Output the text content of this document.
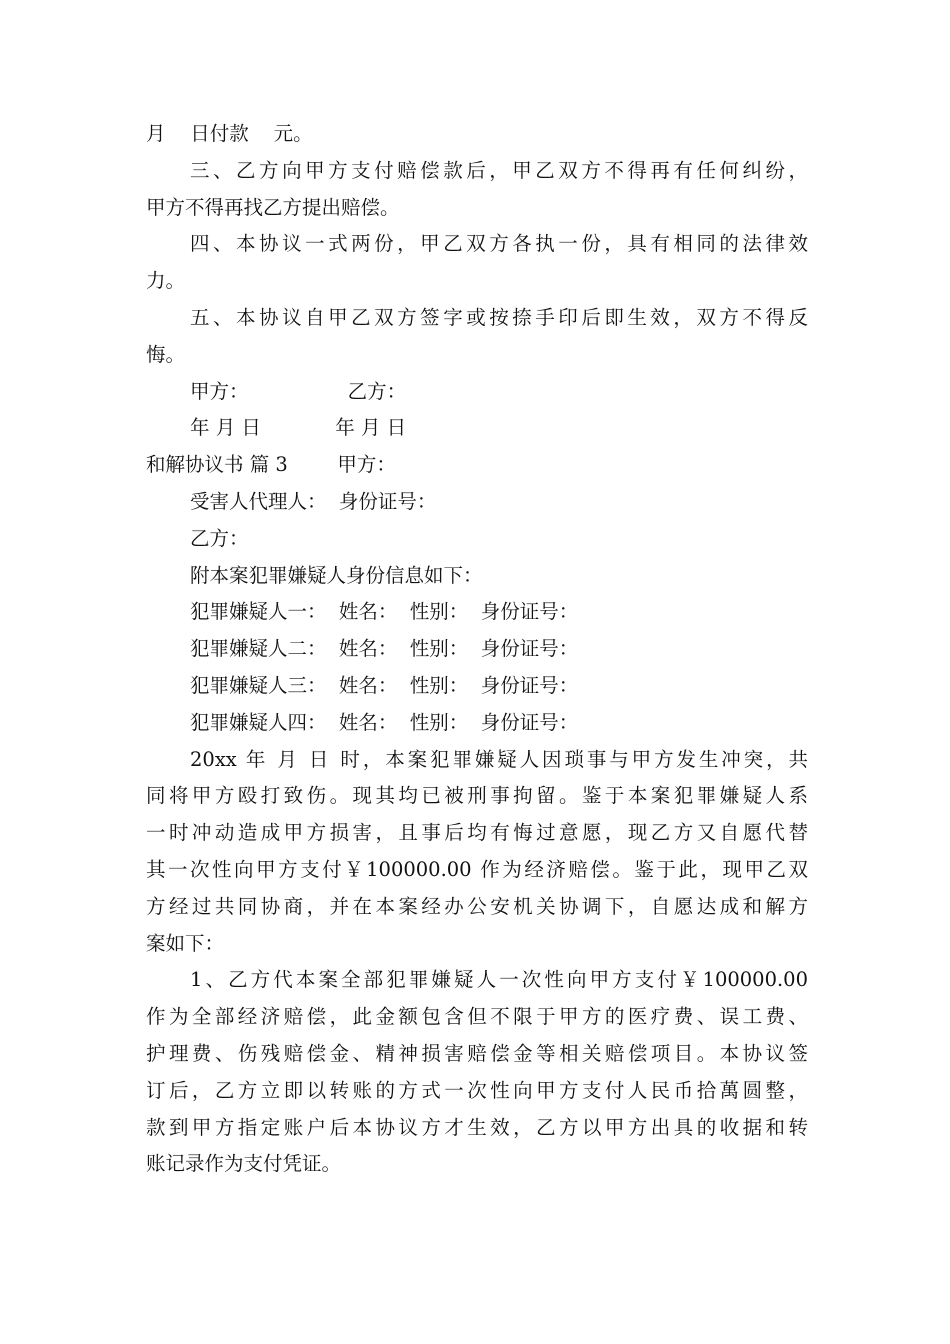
月    日付款    元。
三、乙方向甲方支付赔偿款后，甲乙双方不得再有任何纠纷，
甲方不得再找乙方提出赔偿。
四、本协议一式两份，甲乙双方各执一份，具有相同的法律效
力。
五、本协议自甲乙双方签字或按捺手印后即生效，双方不得反
悔。
甲方：                乙方：
年 月 日            年 月 日
和解协议书 篇 3        甲方：
受害人代理人：  身份证号：
乙方：
附本案犯罪嫌疑人身份信息如下：
犯罪嫌疑人一：  姓名：  性别：  身份证号：
犯罪嫌疑人二：  姓名：  性别：  身份证号：
犯罪嫌疑人三：  姓名：  性别：  身份证号：
犯罪嫌疑人四：  姓名：  性别：  身份证号：
20xx 年 月 日 时，本案犯罪嫌疑人因琐事与甲方发生冲突，共
同将甲方殴打致伤。现其均已被刑事拘留。鉴于本案犯罪嫌疑人系
一时冲动造成甲方损害，且事后均有悔过意愿，现乙方又自愿代替
其一次性向甲方支付￥100000.00 作为经济赔偿。鉴于此，现甲乙双
方经过共同协商，并在本案经办公安机关协调下，自愿达成和解方
案如下：
1、乙方代本案全部犯罪嫌疑人一次性向甲方支付￥100000.00
作为全部经济赔偿，此金额包含但不限于甲方的医疗费、误工费、
护理费、伤残赔偿金、精神损害赔偿金等相关赔偿项目。本协议签
订后，乙方立即以转账的方式一次性向甲方支付人民币拾萬圆整，
款到甲方指定账户后本协议方才生效，乙方以甲方出具的收据和转
账记录作为支付凭证。
